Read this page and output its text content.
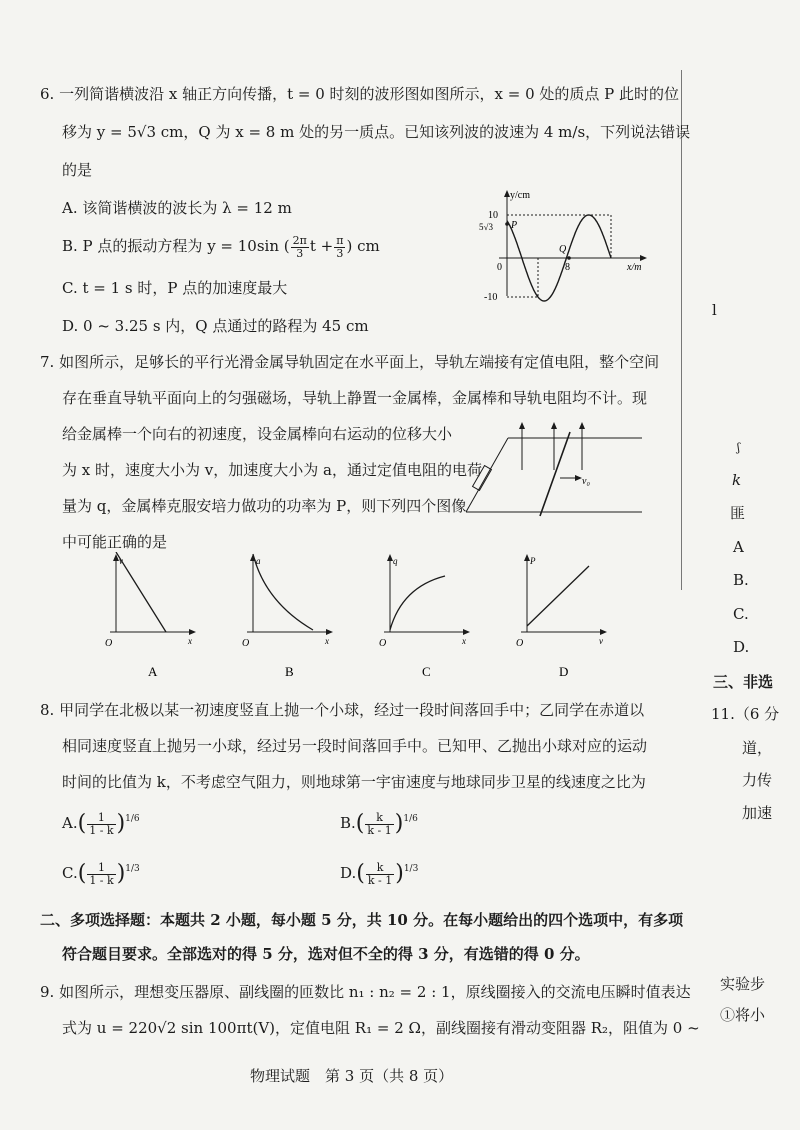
l
ʃ
k
匪
A
B.
C.
D.
三、非选
11.（6 分
道，
力传
加速
实验步
①将小
6. 一列简谐横波沿 x 轴正方向传播，t = 0 时刻的波形图如图所示，x = 0 处的质点 P 此时的位
移为 y = 5√3 cm，Q 为 x = 8 m 处的另一质点。已知该列波的波速为 4 m/s，下列说法错误
的是
A. 该简谐横波的波长为 λ = 12 m
B. P 点的振动方程为 y = 10sin ( $\frac{2\pi}{3}$ $t + \frac{\pi}{3}$ ) cm
C. t = 1 s 时，P 点的加速度最大
D. 0 ~ 3.25 s 内，Q 点通过的路程为 45 cm
y/cm
x/m
10
5√3
-10
0	8
P
Q
7. 如图所示，足够长的平行光滑金属导轨固定在水平面上，导轨左端接有定值电阻，整个空间
存在垂直导轨平面向上的匀强磁场，导轨上静置一金属棒，金属棒和导轨电阻均不计。现
给金属棒一个向右的初速度，设金属棒向右运动的位移大小
为 x 时，速度大小为 v，加速度大小为 a，通过定值电阻的电荷
量为 q，金属棒克服安培力做功的功率为 P，则下列四个图像
中可能正确的是
v₀
v
x
O
A
a
x
O
B
q
x
O
C
P
v
O
D
8. 甲同学在北极以某一初速度竖直上抛一个小球，经过一段时间落回手中；乙同学在赤道以
相同速度竖直上抛另一小球，经过另一段时间落回手中。已知甲、乙抛出小球对应的运动
时间的比值为 k，不考虑空气阻力，则地球第一宇宙速度与地球同步卫星的线速度之比为
$A.( \frac{1}{1 - k} )^{1/6}$	$B.( \frac{k}{k - 1} )^{1/6}$
$C.( \frac{1}{1 - k} )^{1/3}$	$D.( \frac{k}{k - 1} )^{1/3}$
二、多项选择题：本题共 2 小题，每小题 5 分，共 10 分。在每小题给出的四个选项中，有多项
符合题目要求。全部选对的得 5 分，选对但不全的得 3 分，有选错的得 0 分。
9. 如图所示，理想变压器原、副线圈的匝数比 n₁ : n₂ = 2 : 1，原线圈接入的交流电压瞬时值表达
式为 u = 220√2 sin 100πt(V)，定值电阻 R₁ = 2 Ω，副线圈接有滑动变阻器 R₂，阻值为 0 ~
物理试题　第 3 页（共 8 页）
